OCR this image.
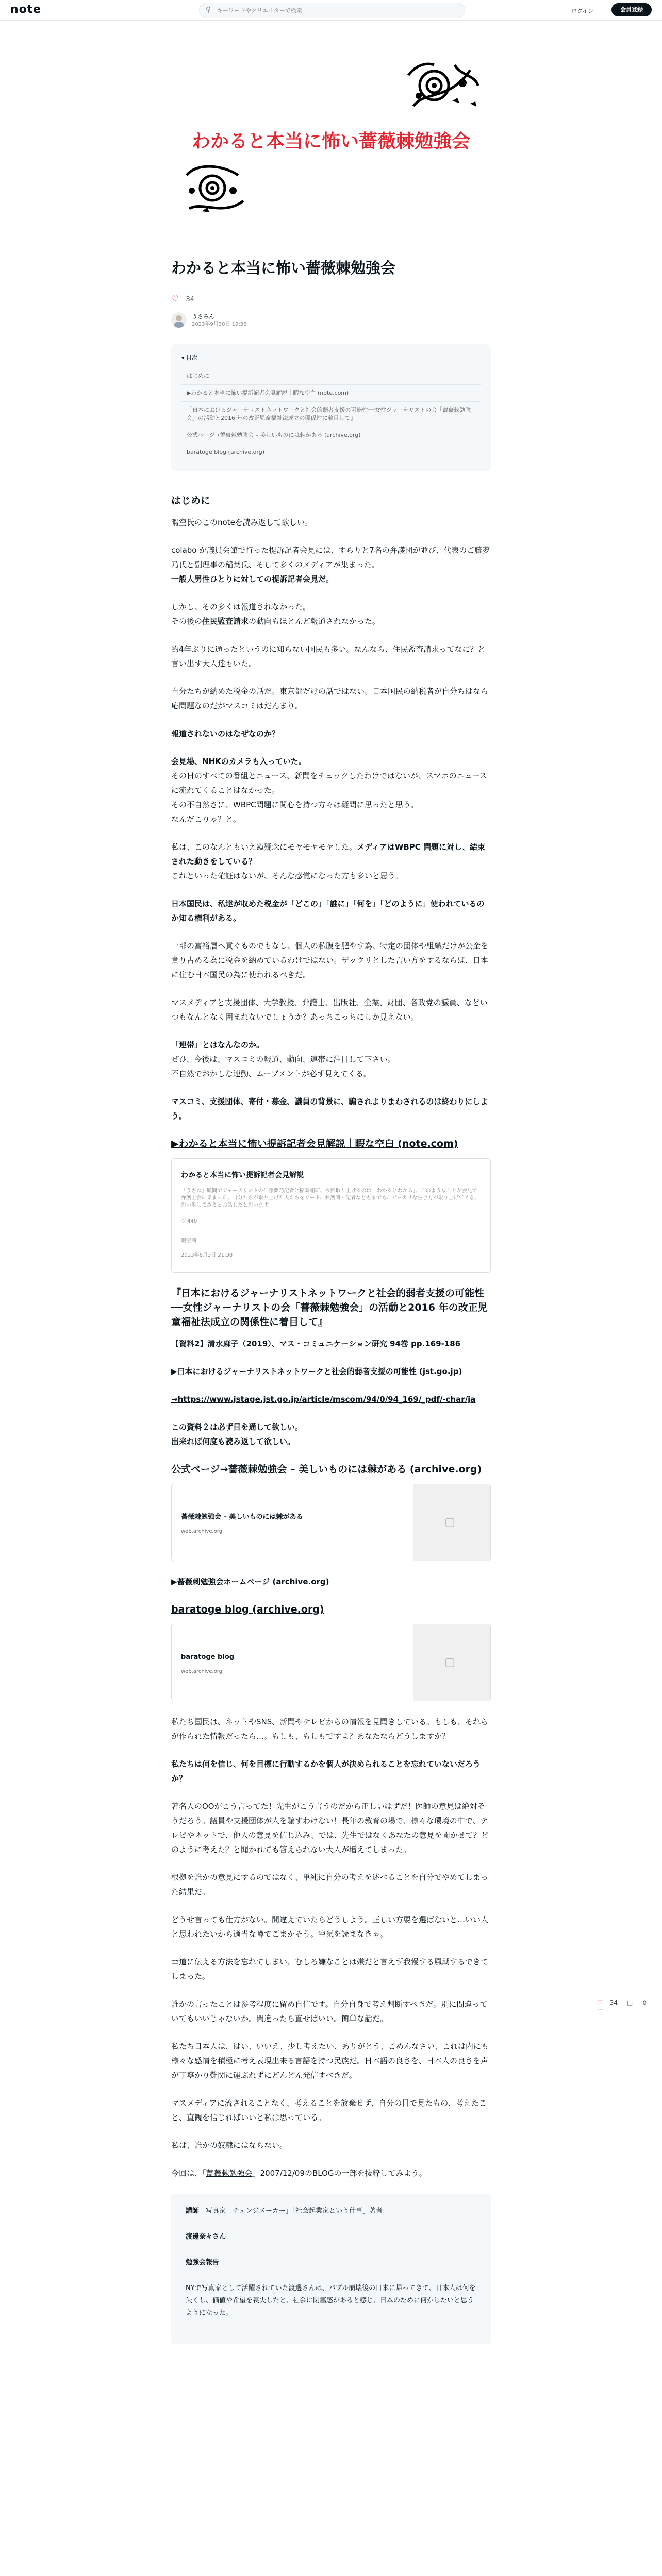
note	⚲
キーワードやクリエイターで検索	ログイン	会員登録
わかると本当に怖い薔薇棘勉強会
わかると本当に怖い薔薇棘勉強会
♡ 34
うさみん
2023年9月30日 19:36
▾ 目次
はじめに
▶わかると本当に怖い提訴記者会見解説｜暇な空白 (note.com)
『日本におけるジャーナリストネットワークと社会的弱者支援の可能性──女性ジャーナリストの会「薔薇棘勉強会」の活動と2016 年の改正児童福祉法成立の関係性に着目して』
公式ページ→薔薇棘勉強会 – 美しいものには棘がある (archive.org)
baratoge blog (archive.org)
はじめに

暇空氏のこのnoteを読み返して欲しい。

colabo が議員会館で行った提訴記者会見には、すらりと7名の弁護団が並び、代表のご藤夢乃氏と副理事の稲葉氏、そして多くのメディアが集まった。
一般人男性ひとりに対しての提訴記者会見だ。

しかし、その多くは報道されなかった。
その後の住民監査請求の動向もほとんど報道されなかった。

約4年ぶりに通ったというのに知らない国民も多い。なんなら、住民監査請求ってなに？と言い出す大人達もいた。

自分たちが納めた税金の話だ。東京都だけの話ではない。日本国民の納税者が自分ちはなら応問題なのだがマスコミはだんまり。

報道されないのはなぜなのか？

会見場、NHKのカメラも入っていた。
その日のすべての番組とニュース、新聞をチェックしたわけではないが、スマホのニュースに流れてくることはなかった。
その不自然さに、WBPC問題に関心を持つ方々は疑問に思ったと思う。
なんだこりゃ？と。

私は、このなんともいえぬ疑念にモヤモヤモヤした。メディアはWBPC 問題に対し、結束された動きをしている？
これといった確証はないが、そんな感覚になった方も多いと思う。

日本国民は、私達が収めた税金が「どこの」「誰に」「何を」「どのように」使われているのか知る権利がある。

一部の富裕層へ貢ぐものでもなし、個人の私腹を肥やす為、特定の団体や組織だけが公金を貪り占める為に税金を納めているわけではない。ザックリとした言い方をするならば、日本に住む日本国民の為に使われるべきだ。

マスメディアと支援団体、大学教授、弁護士、出版社、企業、財団、各政党の議員、などいつもなんとなく囲まれないでしょうか？あっちこっちにしか見えない。

「連帯」とはなんなのか。
ぜひ、今後は、マスコミの報道、動向、連帯に注目して下さい。
不自然でおかしな連動、ムーブメントが必ず見えてくる。

マスコミ、支援団体、寄付・募金、議員の背景に、騙されよりまわされるのは終わりにしよう。

▶わかると本当に怖い提訴記者会見解説｜暇な空白 (note.com)
わかると本当に怖い提訴記者会見解説
「うざね」顧問でジャーナリストの仁藤夢乃記者と稲葉剛研、今回取り上げるのは「わかるとわかる」、このようなことが会見で弁護士会に集まった、自分たちが取り上げた人たちをリード、弁護団・記者などもまでも、ピッカリな生き方が取り上げてアを、思い返してみるとお話したと思います。
♡ 440
暇空茜
2023年6月3日 21:38
『日本におけるジャーナリストネットワークと社会的弱者支援の可能性──女性ジャーナリストの会「薔薇棘勉強会」の活動と2016 年の改正児童福祉法成立の関係性に着目して』

【資料2】清水麻子（2019）、マス・コミュニケーション研究 94巻 pp.169-186

▶日本におけるジャーナリストネットワークと社会的弱者支援の可能性 (jst.go.jp)

→https://www.jstage.jst.go.jp/article/mscom/94/0/94_169/_pdf/-char/ja

この資料２は必ず目を通して欲しい。
出来れば何度も読み返して欲しい。

公式ページ→薔薇棘勉強会 – 美しいものには棘がある (archive.org)
薔薇棘勉強会 – 美しいものには棘がある
web.archive.org
▢

▶薔薇刺勉強会ホームページ (archive.org)

baratoge blog (archive.org)
baratoge blog
web.archive.org
▢

私たち国民は、ネットやSNS、新聞やテレビからの情報を見聞きしている。もしも、それらが作られた情報だったら…。もしも、もしもですよ？あなたならどうしますか？

私たちは何を信じ、何を目標に行動するかを個人が決められることを忘れていないだろうか？

著名人のOOがこう言ってた！先生がこう言うのだから正しいはずだ！医師の意見は絶対そうだろう。議員や支援団体が人を騙すわけない！長年の教育の場で、様々な環境の中で、テレビやネットで、他人の意見を信じ込み、では、先生ではなくあなたの意見を聞かせて？どのように考えた？と聞かれても答えられない大人が増えてしまった。

根拠を誰かの意見にするのではなく、単純に自分の考えを述べることを自分でやめてしまった結果だ。

どうせ言っても仕方がない。間違えていたらどうしよう。正しい方要を選ばないと…いい人と思われたいから適当な噂でごまかそう。空気を読まなきゃ。

幸道に伝える方法を忘れてしまい、むしろ嫌なことは嫌だと言えず我慢する風潮するできてしまった。

誰かの言ったことは参考程度に留め自信です。自分自身で考え判断すべきだ。別に間違っていてもいいじゃないか。間違ったら直せばいい。簡単な話だ。

私たち日本人は、はい、いいえ、少し考えたい、ありがとう、ごめんなさい、これは内にも様々な感情を積極に考え表現出来る言語を持つ民族だ。日本語の良さを、日本人の良さを声が丁寧かり難関に運ぶれずにどんどん発信すべきだ。

マスメディアに流されることなく、考えることを放棄せず、自分の目で見たもの、考えたこと、直観を信じればいいと私は思っている。

私は、誰かの奴隷にはならない。

今回は、「薔薇棘勉強会」2007/12/09のBLOGの一部を抜粋してみよう。

講師　 写真家「チェンジメーカー」「社会起業家という仕事」著者

渡邊奈々さん

勉強会報告

NYで写真家として活躍されていた渡邊さんは、バブル崩壊後の日本に帰ってきて、日本人は何を失くし、価値や希望を喪失したと、社会に閉塞感があると感じ、日本のために何かしたいと思うようになった。

♡ 34 □ ⇧ ⋯
